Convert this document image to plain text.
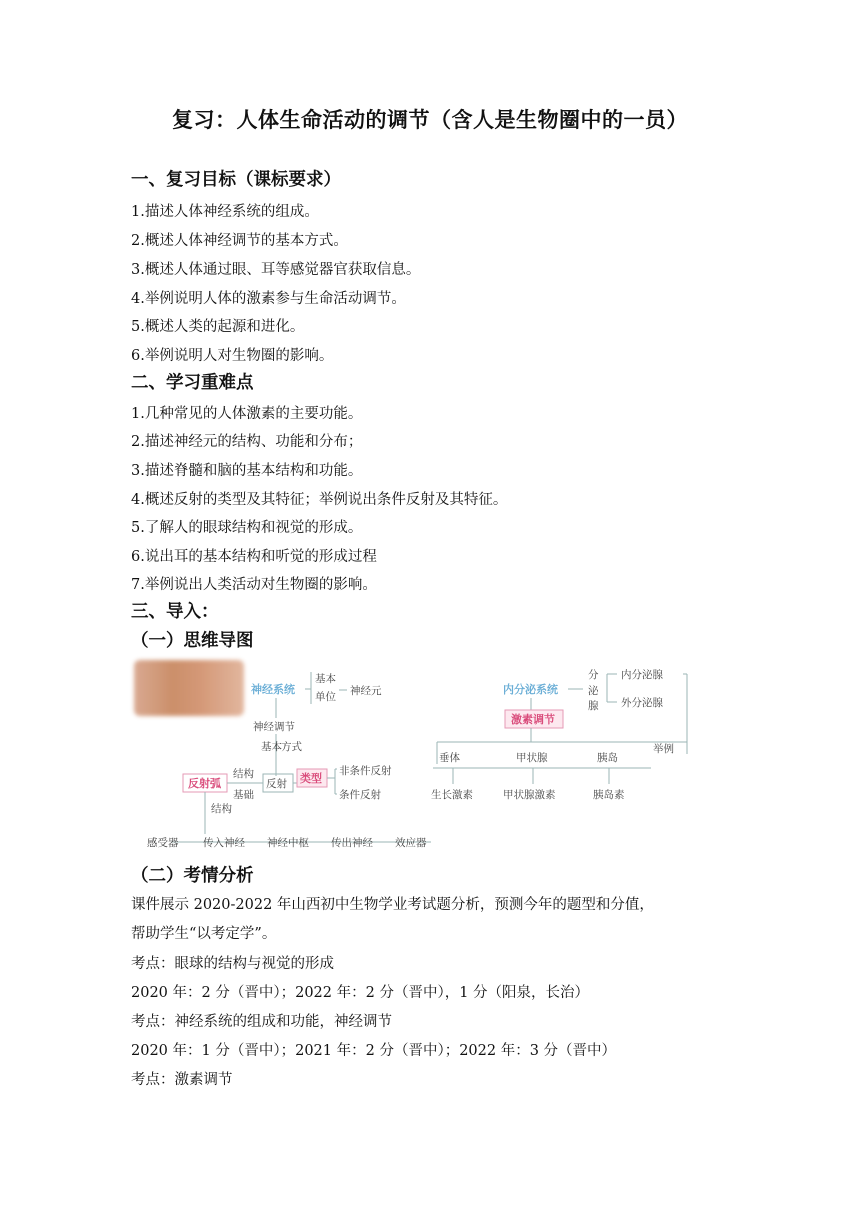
复习：人体生命活动的调节（含人是生物圈中的一员）
一、复习目标（课标要求）
1.描述人体神经系统的组成。
2.概述人体神经调节的基本方式。
3.概述人体通过眼、耳等感觉器官获取信息。
4.举例说明人体的激素参与生命活动调节。
5.概述人类的起源和进化。
6.举例说明人对生物圈的影响。
二、学习重难点
1.几种常见的人体激素的主要功能。
2.描述神经元的结构、功能和分布；
3.描述脊髓和脑的基本结构和功能。
4.概述反射的类型及其特征；举例说出条件反射及其特征。
5.了解人的眼球结构和视觉的形成。
6.说出耳的基本结构和听觉的形成过程
7.举例说出人类活动对生物圈的影响。
三、导入：
（一）思维导图
神经系统
基本
单位 神经元
神经调节
基本 方式
反射弧
结构
基础
反射 类型
非条件反射
条件反射
结构
感受器 传入神经 神经中枢 传出神经 效应器
内分泌系统
分
泌
腺
内分泌腺
外分泌腺
激素调节
举例
垂体	甲状腺	胰岛
生长激素	甲状腺激素	胰岛素
（二）考情分析
课件展示 2020-2022 年山西初中生物学业考试题分析，预测今年的题型和分值，
帮助学生“以考定学”。
考点：眼球的结构与视觉的形成
2020 年：2 分（晋中）；2022 年：2 分（晋中），1 分（阳泉，长治）
考点：神经系统的组成和功能，神经调节
2020 年：1 分（晋中）；2021 年：2 分（晋中）；2022 年：3 分（晋中）
考点：激素调节
